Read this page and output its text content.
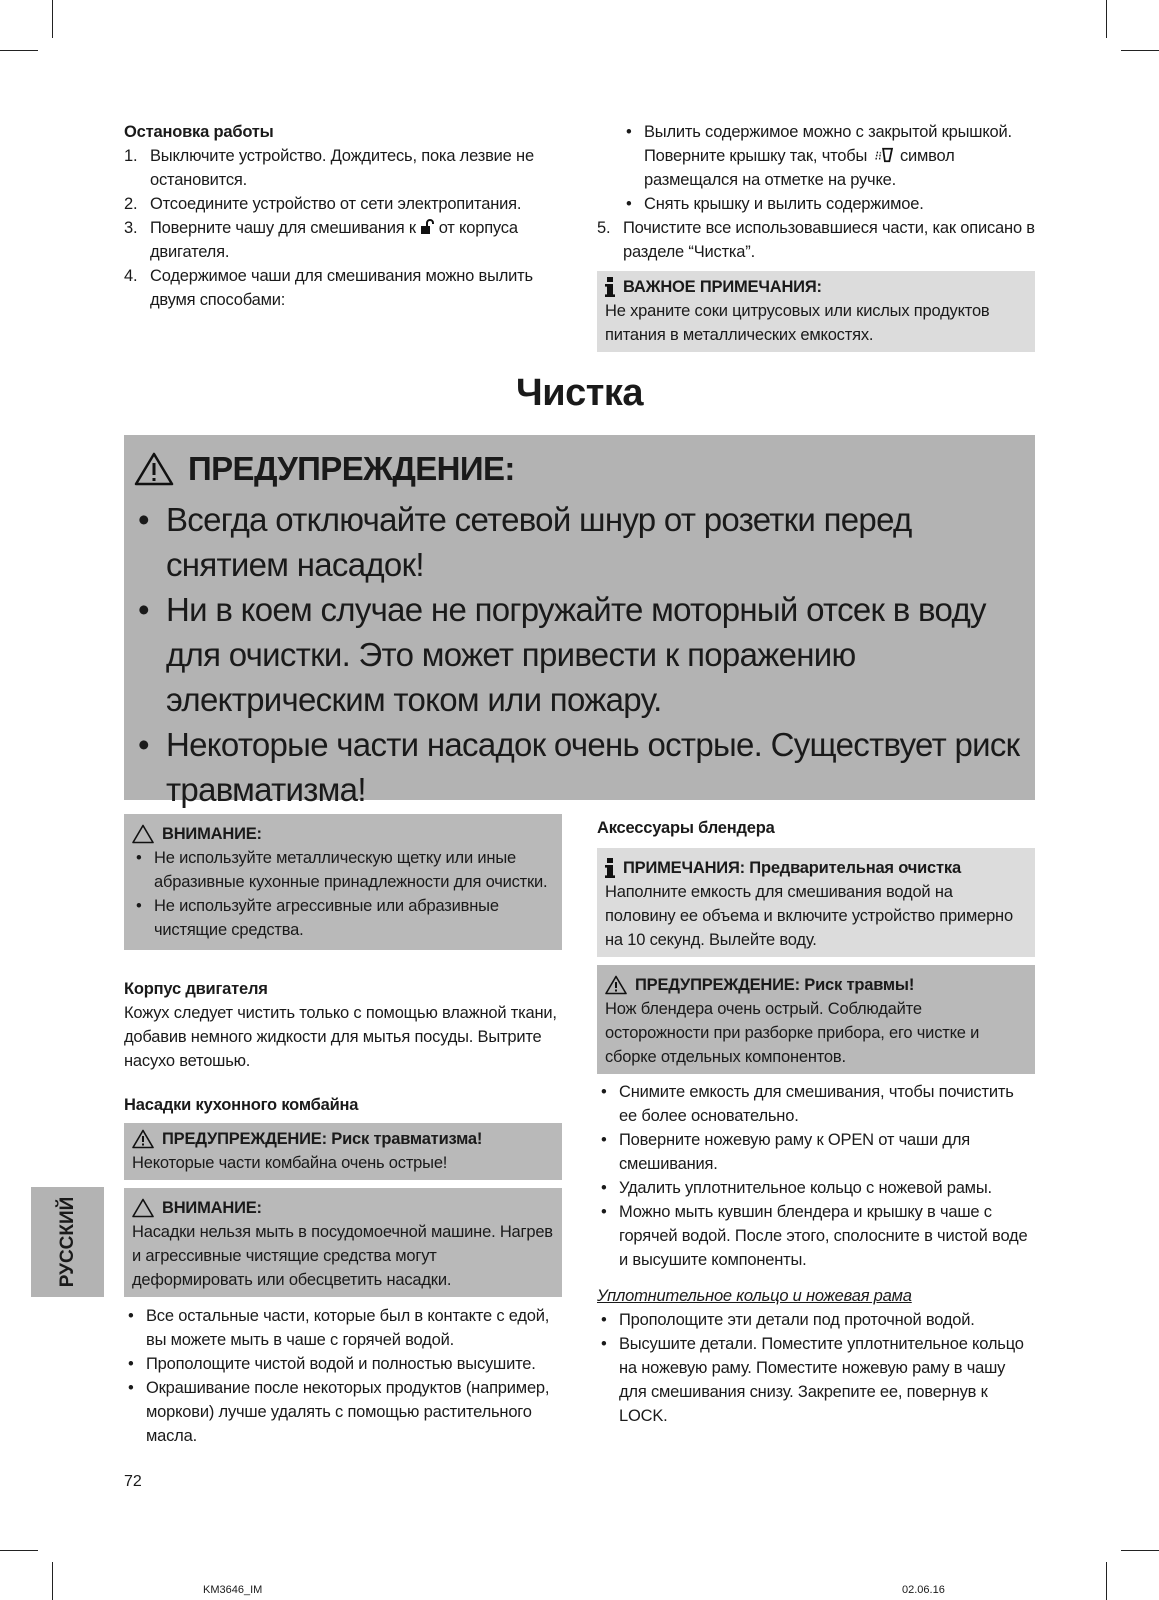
Остановка работы
1. Выключите устройство. Дождитесь, пока лезвие не остановится.
2. Отсоедините устройство от сети электропитания.
3. Поверните чашу для смешивания к от корпуса двигателя.
4. Содержимое чаши для смешивания можно вылить двумя способами:
• Вылить содержимое можно с закрытой крышкой. Поверните крышку так, чтобы символ размещался на отметке на ручке.
• Снять крышку и вылить содержимое.
5. Почистите все использовавшиеся части, как описано в разделе “Чистка”.
ВАЖНОЕ ПРИМЕЧАНИЯ:
Не храните соки цитрусовых или кислых продуктов питания в металлических емкостях.
Чистка
ПРЕДУПРЕЖДЕНИЕ:
• Всегда отключайте сетевой шнур от розетки перед снятием насадок!
• Ни в коем случае не погружайте моторный отсек в воду для очистки. Это может привести к поражению электрическим током или пожару.
• Некоторые части насадок очень острые. Существует риск травматизма!
ВНИМАНИЕ:
• Не используйте металлическую щетку или иные абразивные кухонные принадлежности для очистки.
• Не используйте агрессивные или абразивные чистящие средства.
Корпус двигателя
Кожух следует чистить только с помощью влажной ткани, добавив немного жидкости для мытья посуды. Вытрите насухо ветошью.
Насадки кухонного комбайна
ПРЕДУПРЕЖДЕНИЕ: Риск травматизма!
Некоторые части комбайна очень острые!
ВНИМАНИЕ:
Насадки нельзя мыть в посудомоечной машине. Нагрев и агрессивные чистящие средства могут деформировать или обесцветить насадки.
• Все остальные части, которые был в контакте с едой, вы можете мыть в чаше с горячей водой.
• Прополощите чистой водой и полностью высушите.
• Окрашивание после некоторых продуктов (например, моркови) лучше удалять с помощью растительного масла.
Аксессуары блендера
ПРИМЕЧАНИЯ: Предварительная очистка
Наполните емкость для смешивания водой на половину ее объема и включите устройство примерно на 10 секунд. Вылейте воду.
ПРЕДУПРЕЖДЕНИЕ: Риск травмы!
Нож блендера очень острый. Соблюдайте осторожности при разборке прибора, его чистке и сборке отдельных компонентов.
• Снимите емкость для смешивания, чтобы почистить ее более основательно.
• Поверните ножевую раму к OPEN от чаши для смешивания.
• Удалить уплотнительное кольцо с ножевой рамы.
• Можно мыть кувшин блендера и крышку в чаше с горячей водой. После этого, сполосните в чистой воде и высушите компоненты.
Уплотнительное кольцо и ножевая рама
• Прополощите эти детали под проточной водой.
• Высушите детали. Поместите уплотнительное кольцо на ножевую раму. Поместите ножевую раму в чашу для смешивания снизу. Закрепите ее, повернув к LOCK.
РУССКИЙ
72
KM3646_IM	02.06.16
